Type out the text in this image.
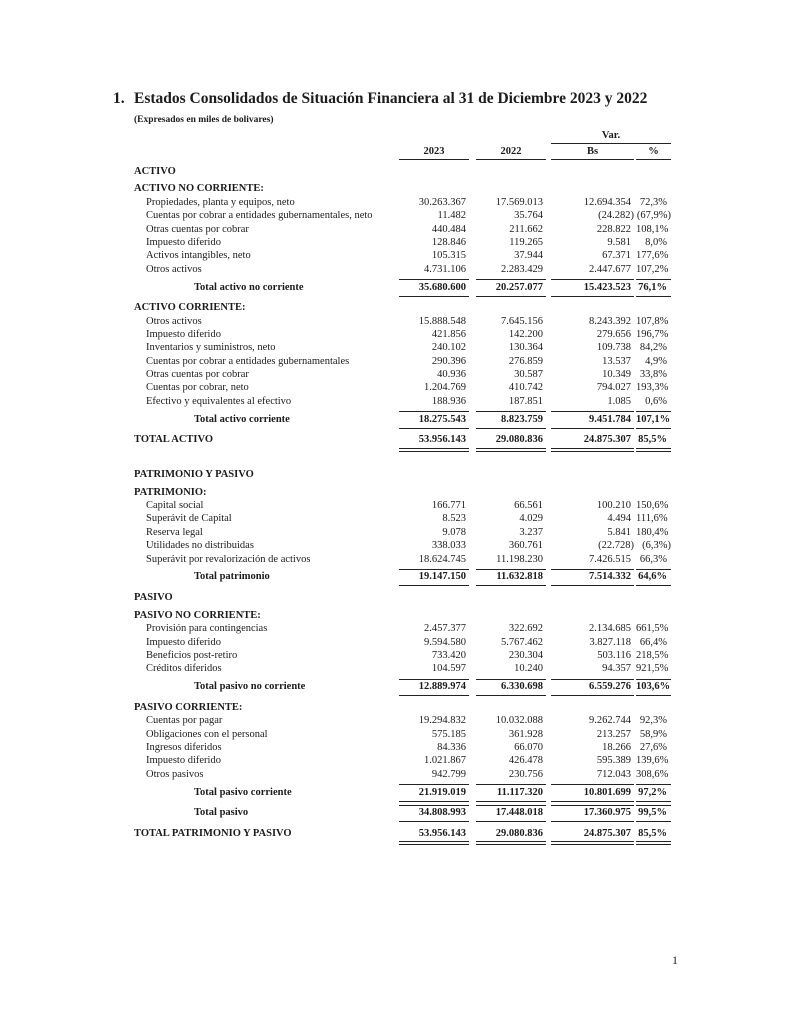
1. Estados Consolidados de Situación Financiera al 31 de Diciembre 2023 y 2022
(Expresados en miles de bolivares)
Var.
2023	2022	Bs	%
ACTIVO
ACTIVO NO CORRIENTE:
Propiedades, planta y equipos, neto	30.263.367	17.569.013	12.694.354 72,3%
Cuentas por cobrar a entidades gubernamentales, neto	11.482	35.764	(24.282) (67,9%)
Otras cuentas por cobrar	440.484	211.662	228.822 108,1%
Impuesto diferido	128.846	119.265	9.581	8,0%
Activos intangibles, neto	105.315	37.944	67.371 177,6%
Otros activos	4.731.106	2.283.429	2.447.677 107,2%
Total activo no corriente	35.680.600	20.257.077	15.423.523 76,1%
ACTIVO CORRIENTE:
Otros activos	15.888.548	7.645.156	8.243.392 107,8%
Impuesto diferido	421.856	142.200	279.656 196,7%
Inventarios y suministros, neto	240.102	130.364	109.738 84,2%
Cuentas por cobrar a entidades gubernamentales	290.396	276.859	13.537	4,9%
Otras cuentas por cobrar	40.936	30.587	10.349 33,8%
Cuentas por cobrar, neto	1.204.769	410.742	794.027 193,3%
Efectivo y equivalentes al efectivo	188.936	187.851	1.085	0,6%
Total activo corriente	18.275.543	8.823.759	9.451.784 107,1%
TOTAL ACTIVO	53.956.143	29.080.836	24.875.307 85,5%
PATRIMONIO Y PASIVO
PATRIMONIO:
Capital social	166.771	66.561	100.210 150,6%
Superávit de Capital	8.523	4.029	4.494 111,6%
Reserva legal	9.078	3.237	5.841 180,4%
Utilidades no distribuidas	338.033	360.761	(22.728) (6,3%)
Superávit por revalorización de activos	18.624.745	11.198.230	7.426.515 66,3%
Total patrimonio	19.147.150	11.632.818	7.514.332 64,6%
PASIVO
PASIVO NO CORRIENTE:
Provisión para contingencias	2.457.377	322.692	2.134.685 661,5%
Impuesto diferido	9.594.580	5.767.462	3.827.118 66,4%
Beneficios post-retiro	733.420	230.304	503.116 218,5%
Créditos diferidos	104.597	10.240	94.357 921,5%
Total pasivo no corriente	12.889.974	6.330.698	6.559.276 103,6%
PASIVO CORRIENTE:
Cuentas por pagar	19.294.832	10.032.088	9.262.744 92,3%
Obligaciones con el personal	575.185	361.928	213.257 58,9%
Ingresos diferidos	84.336	66.070	18.266 27,6%
Impuesto diferido	1.021.867	426.478	595.389 139,6%
Otros pasivos	942.799	230.756	712.043 308,6%
Total pasivo corriente	21.919.019	11.117.320	10.801.699 97,2%
Total pasivo	34.808.993	17.448.018	17.360.975 99,5%
TOTAL PATRIMONIO Y PASIVO	53.956.143	29.080.836	24.875.307 85,5%
1
